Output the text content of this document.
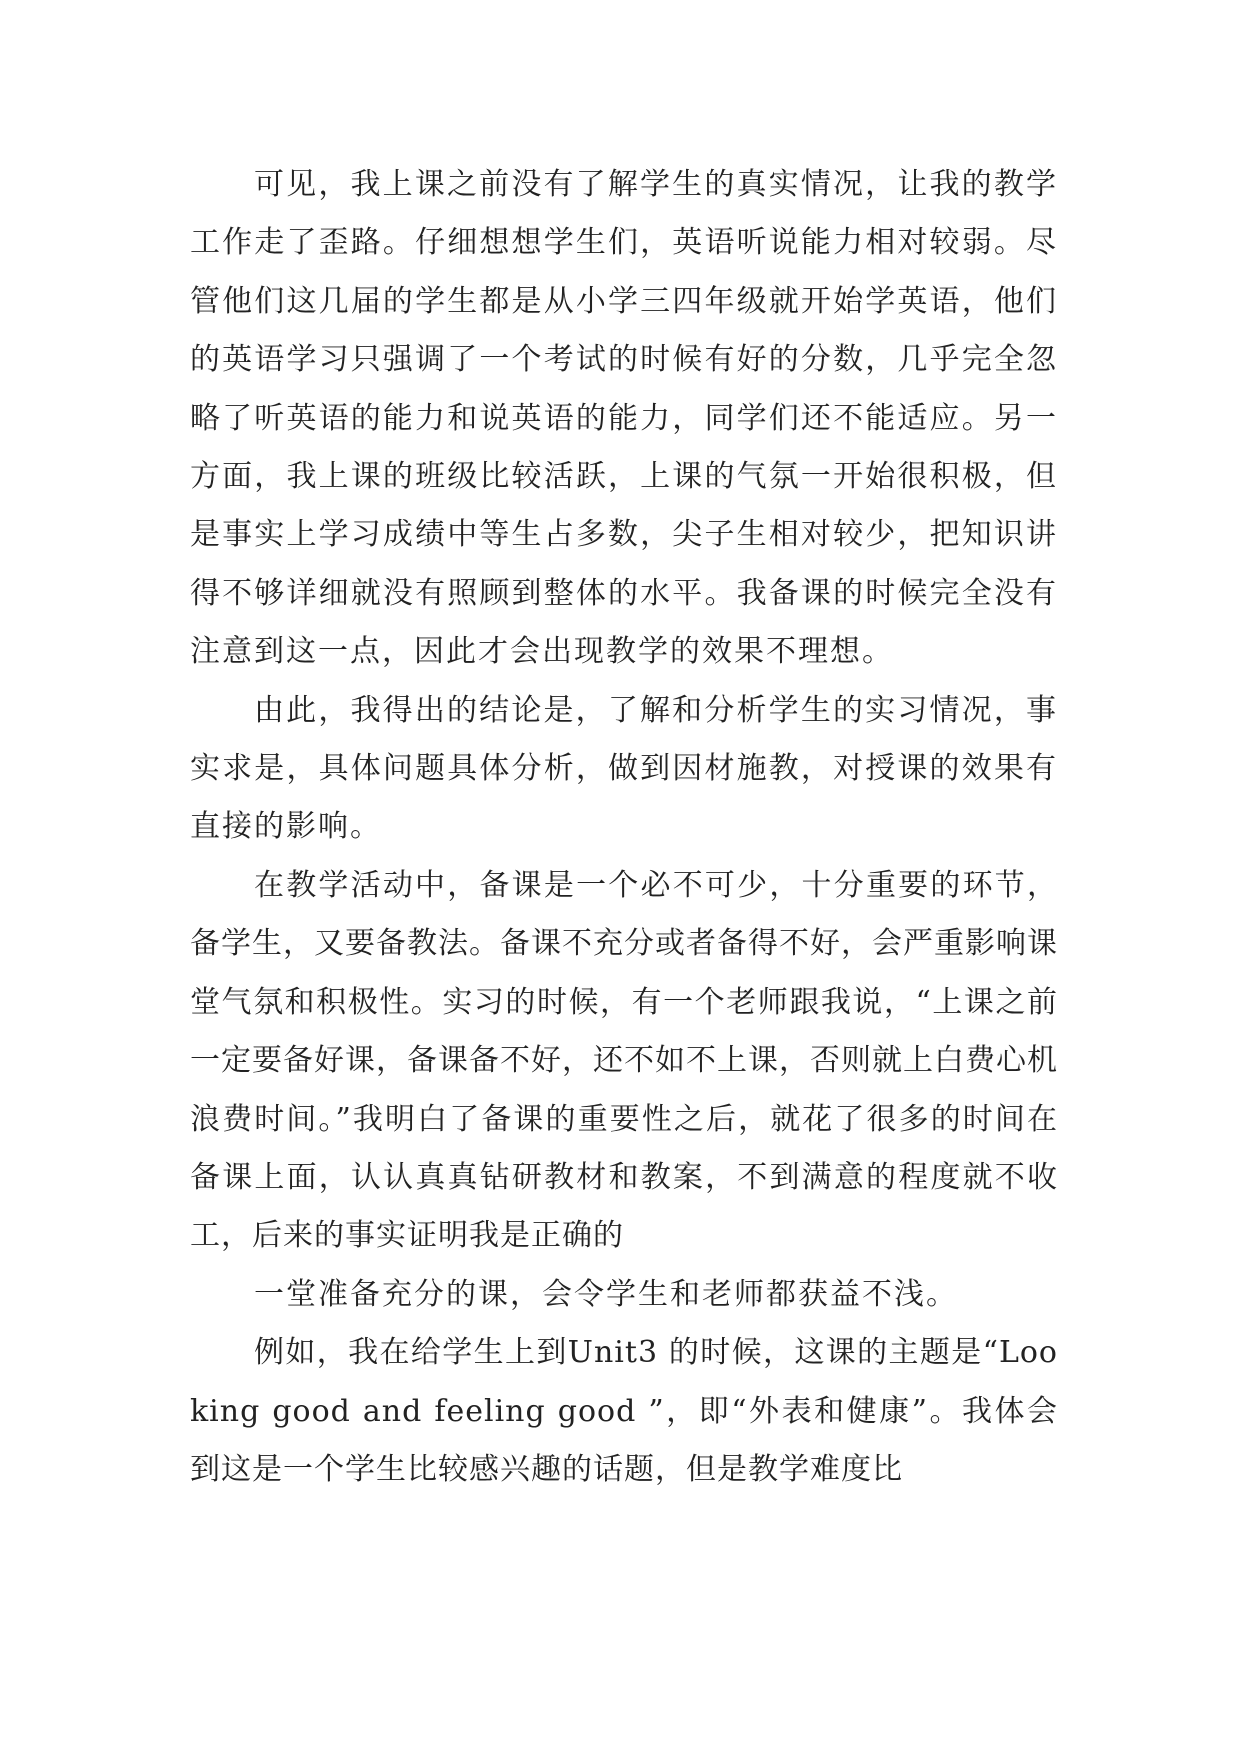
可见，我上课之前没有了解学生的真实情况，让我的教学工作走了歪路。仔细想想学生们，英语听说能力相对较弱。尽管他们这几届的学生都是从小学三四年级就开始学英语，他们的英语学习只强调了一个考试的时候有好的分数，几乎完全忽略了听英语的能力和说英语的能力，同学们还不能适应。另一方面，我上课的班级比较活跃，上课的气氛一开始很积极，但是事实上学习成绩中等生占多数，尖子生相对较少，把知识讲得不够详细就没有照顾到整体的水平。我备课的时候完全没有注意到这一点，因此才会出现教学的效果不理想。

由此，我得出的结论是，了解和分析学生的实习情况，事实求是，具体问题具体分析，做到因材施教，对授课的效果有直接的影响。

在教学活动中，备课是一个必不可少，十分重要的环节，备学生，又要备教法。备课不充分或者备得不好，会严重影响课堂气氛和积极性。实习的时候，有一个老师跟我说，“上课之前一定要备好课，备课备不好，还不如不上课，否则就上白费心机浪费时间。”我明白了备课的重要性之后，就花了很多的时间在备课上面，认认真真钻研教材和教案，不到满意的程度就不收工，后来的事实证明我是正确的

一堂准备充分的课，会令学生和老师都获益不浅。

例如，我在给学生上到Unit3 的时候，这课的主题是“Looking good and feeling good ”，即“外表和健康”。我体会到这是一个学生比较感兴趣的话题，但是教学难度比
